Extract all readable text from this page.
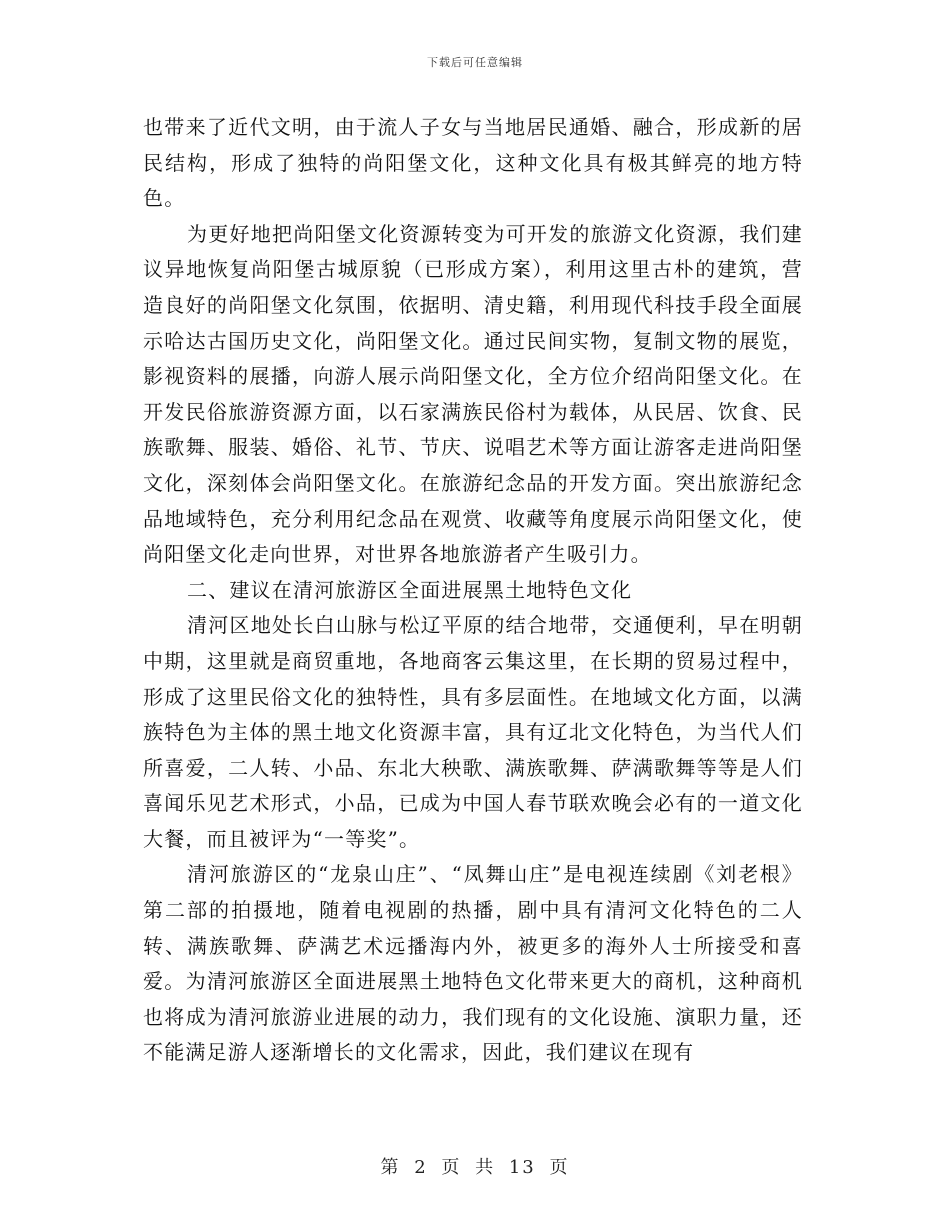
下载后可任意编辑

也带来了近代文明，由于流人子女与当地居民通婚、融合，形成新的居民结构，形成了独特的尚阳堡文化，这种文化具有极其鲜亮的地方特色。

为更好地把尚阳堡文化资源转变为可开发的旅游文化资源，我们建议异地恢复尚阳堡古城原貌（已形成方案），利用这里古朴的建筑，营造良好的尚阳堡文化氛围，依据明、清史籍，利用现代科技手段全面展示哈达古国历史文化，尚阳堡文化。通过民间实物，复制文物的展览，影视资料的展播，向游人展示尚阳堡文化，全方位介绍尚阳堡文化。在开发民俗旅游资源方面，以石家满族民俗村为载体，从民居、饮食、民族歌舞、服装、婚俗、礼节、节庆、说唱艺术等方面让游客走进尚阳堡文化，深刻体会尚阳堡文化。在旅游纪念品的开发方面。突出旅游纪念品地域特色，充分利用纪念品在观赏、收藏等角度展示尚阳堡文化，使尚阳堡文化走向世界，对世界各地旅游者产生吸引力。

二、建议在清河旅游区全面进展黑土地特色文化

清河区地处长白山脉与松辽平原的结合地带，交通便利，早在明朝中期，这里就是商贸重地，各地商客云集这里，在长期的贸易过程中，形成了这里民俗文化的独特性，具有多层面性。在地域文化方面，以满族特色为主体的黑土地文化资源丰富，具有辽北文化特色，为当代人们所喜爱，二人转、小品、东北大秧歌、满族歌舞、萨满歌舞等等是人们喜闻乐见艺术形式，小品，已成为中国人春节联欢晚会必有的一道文化大餐，而且被评为“一等奖”。

清河旅游区的“龙泉山庄”、“凤舞山庄”是电视连续剧《刘老根》第二部的拍摄地，随着电视剧的热播，剧中具有清河文化特色的二人转、满族歌舞、萨满艺术远播海内外，被更多的海外人士所接受和喜爱。为清河旅游区全面进展黑土地特色文化带来更大的商机，这种商机也将成为清河旅游业进展的动力，我们现有的文化设施、演职力量，还不能满足游人逐渐增长的文化需求，因此，我们建议在现有

第 2 页 共 13 页
